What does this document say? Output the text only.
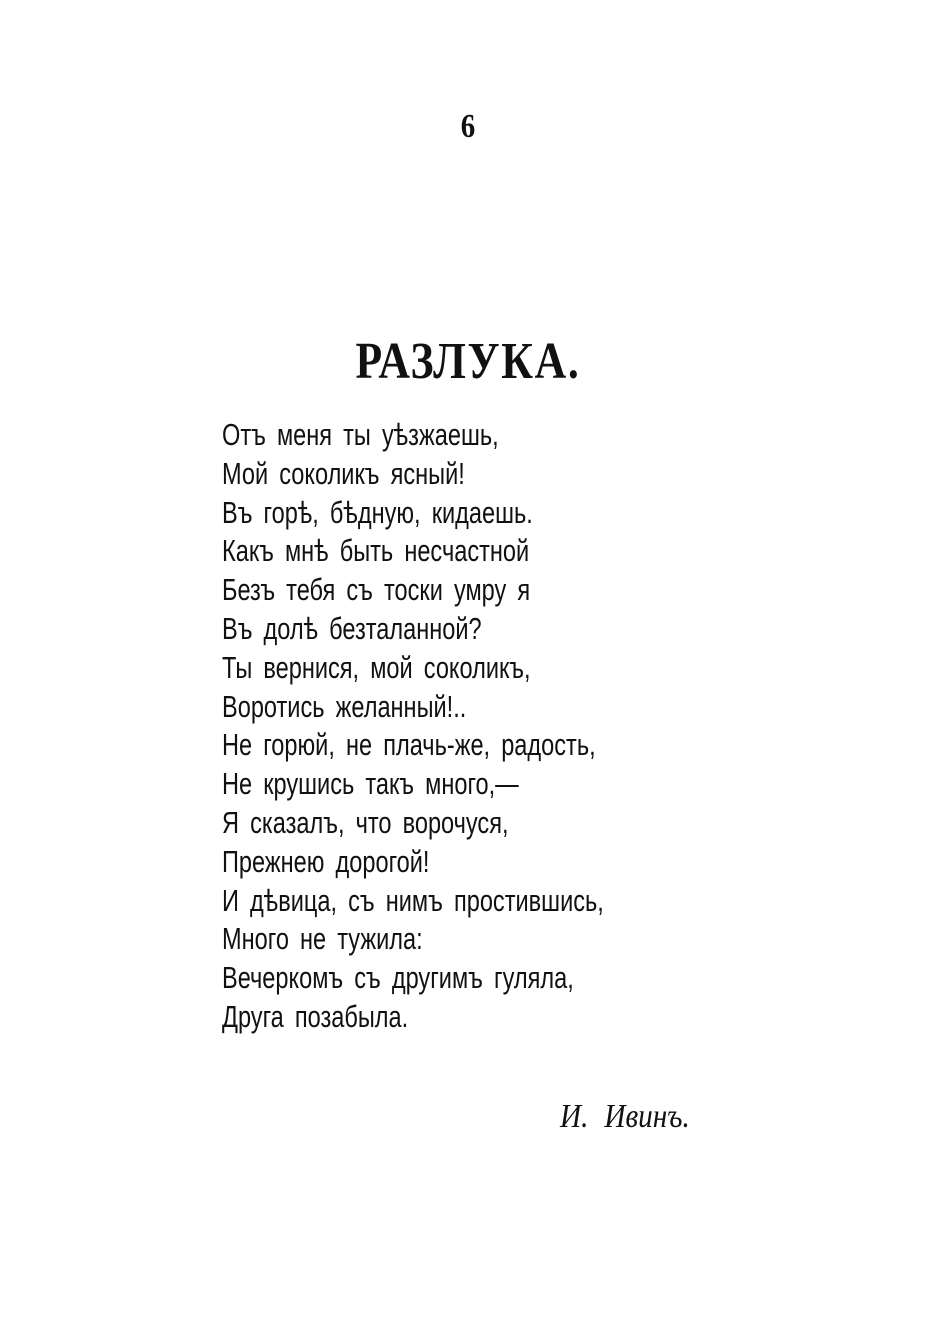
6
РАЗЛУКА.
Отъ меня ты уѣзжаешь,
Мой соколикъ ясный!
Въ горѣ, бѣдную, кидаешь.
Какъ мнѣ быть несчастной
Безъ тебя съ тоски умру я
Въ долѣ безталанной?
Ты вернися, мой соколикъ,
Воротись желанный!..
Не горюй, не плачь-же, радость,
Не крушись такъ много,—
Я сказалъ, что ворочуся,
Прежнею дорогой!
И дѣвица, съ нимъ простившись,
Много не тужила:
Вечеркомъ съ другимъ гуляла,
Друга позабыла.
И. Ивинъ.
